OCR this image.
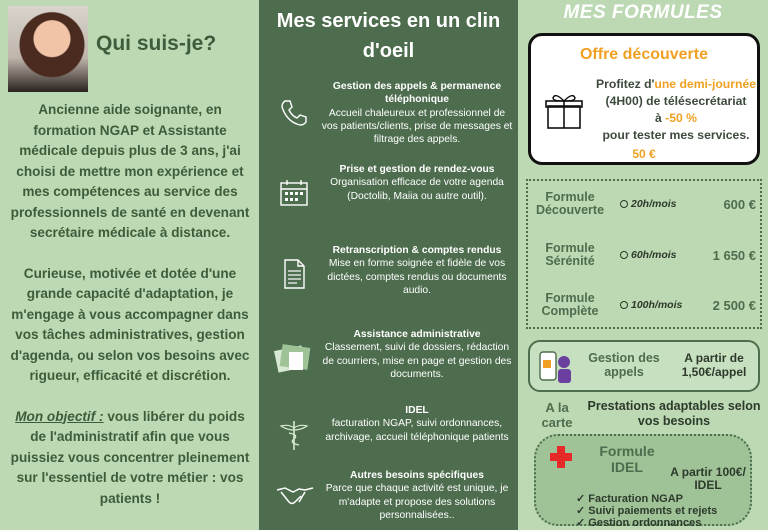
Qui suis-je?

Ancienne aide soignante, en formation NGAP et Assistante médicale depuis plus de 3 ans, j'ai choisi de mettre mon expérience et mes compétences au service des professionnels de santé en devenant secrétaire médicale à distance.

Curieuse, motivée et dotée d'une grande capacité d'adaptation, je m'engage à vous accompagner dans vos tâches administratives, gestion d'agenda, ou selon vos besoins avec rigueur, efficacité et discrétion.

Mon objectif : vous libérer du poids de l'administratif afin que vous puissiez vous concentrer pleinement sur l'essentiel de votre métier : vos patients !

Mes services en un clin d'oeil
Gestion des appels & permanence téléphonique
Accueil chaleureux et professionnel de vos patients/clients, prise de messages et filtrage des appels.
Prise et gestion de rendez-vous
Organisation efficace de votre agenda (Doctolib, Maiia ou autre outil).
Retranscription & comptes rendus
Mise en forme soignée et fidèle de vos dictées, comptes rendus ou documents audio.
Assistance administrative
Classement, suivi de dossiers, rédaction de courriers, mise en page et gestion des documents.
IDEL
facturation NGAP, suivi ordonnances, archivage, accueil téléphonique patients
Autres besoins spécifiques
Parce que chaque activité est unique, je m'adapte et propose des solutions personnalisées..
MES FORMULES
Offre découverte
Profitez d'une demi-journée
(4H00) de télésecrétariat
à -50 %
pour tester mes services.
50 €
Formule Découverte	20h/mois	600 €
Formule Sérénité	60h/mois	1 650 €
Formule Complète	100h/mois 2 500 €
Gestion des appels
A partir de 1,50€/appel
A la carte
Prestations adaptables selon vos besoins
Formule IDEL	A partir 100€/ IDEL
✓ Facturation NGAP
✓ Suivi paiements et rejets
✓ Gestion ordonnances
